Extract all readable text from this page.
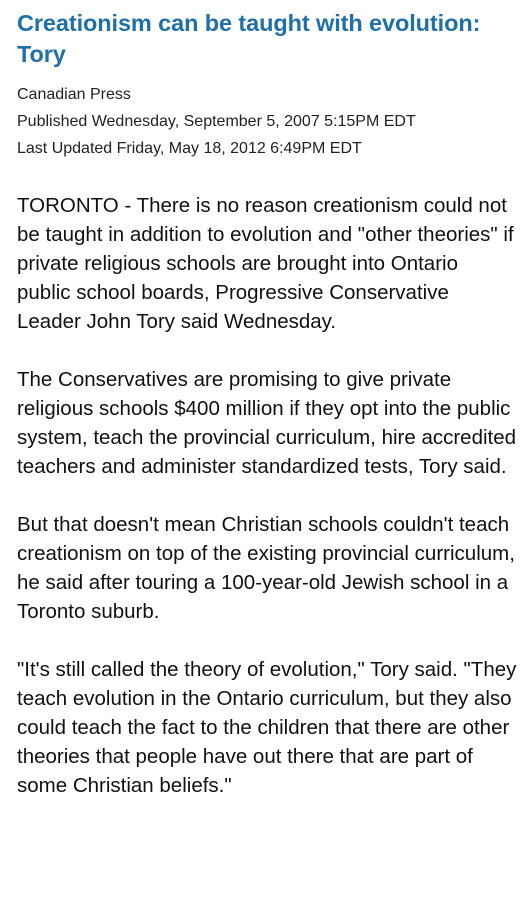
Creationism can be taught with evolution: Tory
Canadian Press
Published Wednesday, September 5, 2007 5:15PM EDT
Last Updated Friday, May 18, 2012 6:49PM EDT

TORONTO - There is no reason creationism could not be taught in addition to evolution and "other theories" if private religious schools are brought into Ontario public school boards, Progressive Conservative Leader John Tory said Wednesday.

The Conservatives are promising to give private religious schools $400 million if they opt into the public system, teach the provincial curriculum, hire accredited teachers and administer standardized tests, Tory said.

But that doesn't mean Christian schools couldn't teach creationism on top of the existing provincial curriculum, he said after touring a 100-year-old Jewish school in a Toronto suburb.

"It's still called the theory of evolution," Tory said. "They teach evolution in the Ontario curriculum, but they also could teach the fact to the children that there are other theories that people have out there that are part of some Christian beliefs."
